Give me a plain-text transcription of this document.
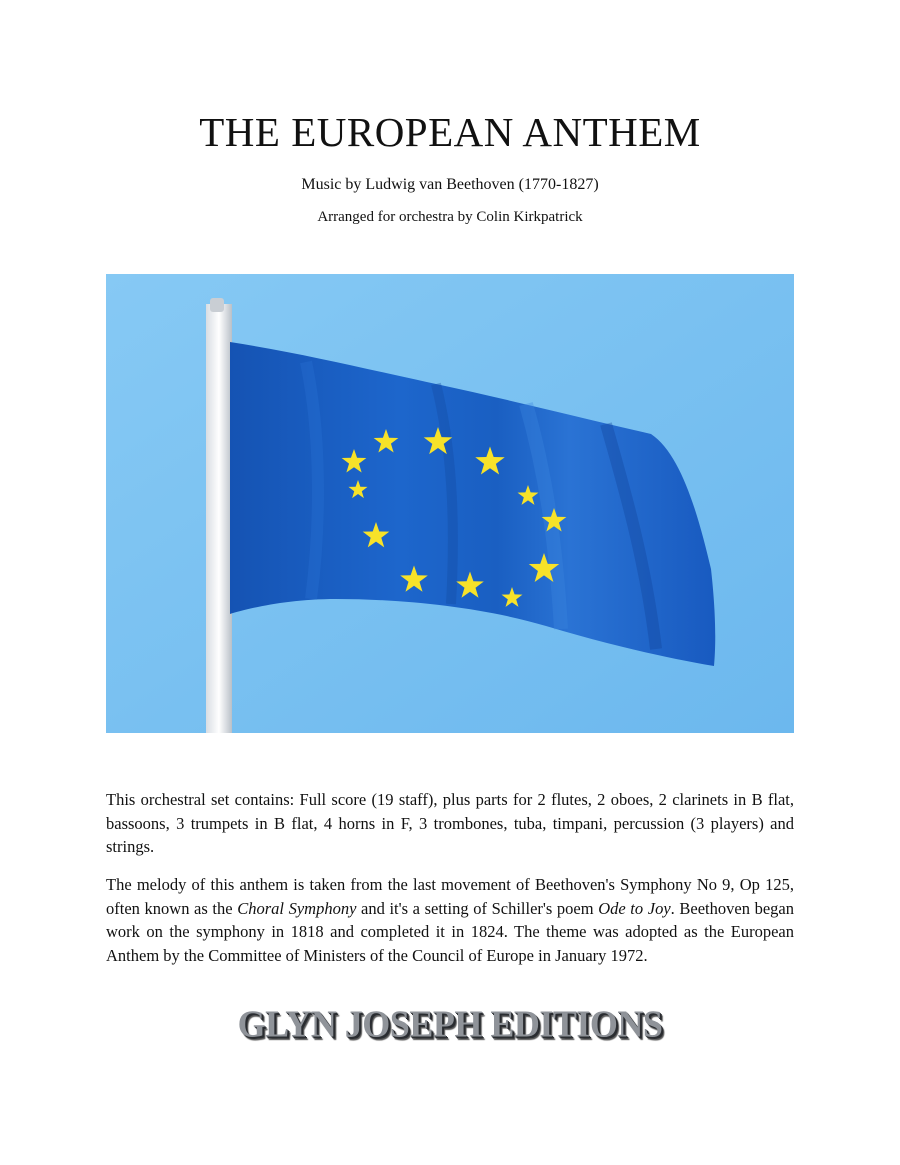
THE EUROPEAN ANTHEM
Music by Ludwig van Beethoven (1770-1827)
Arranged for orchestra by Colin Kirkpatrick

This orchestral set contains: Full score (19 staff), plus parts for 2 flutes, 2 oboes, 2 clarinets in B flat, bassoons, 3 trumpets in B flat, 4 horns in F, 3 trombones, tuba, timpani, percussion (3 players) and strings.

The melody of this anthem is taken from the last movement of Beethoven's Symphony No 9, Op 125, often known as the Choral Symphony and it's a setting of Schiller's poem Ode to Joy. Beethoven began work on the symphony in 1818 and completed it in 1824. The theme was adopted as the European Anthem by the Committee of Ministers of the Council of Europe in January 1972.

GLYN JOSEPH EDITIONS
